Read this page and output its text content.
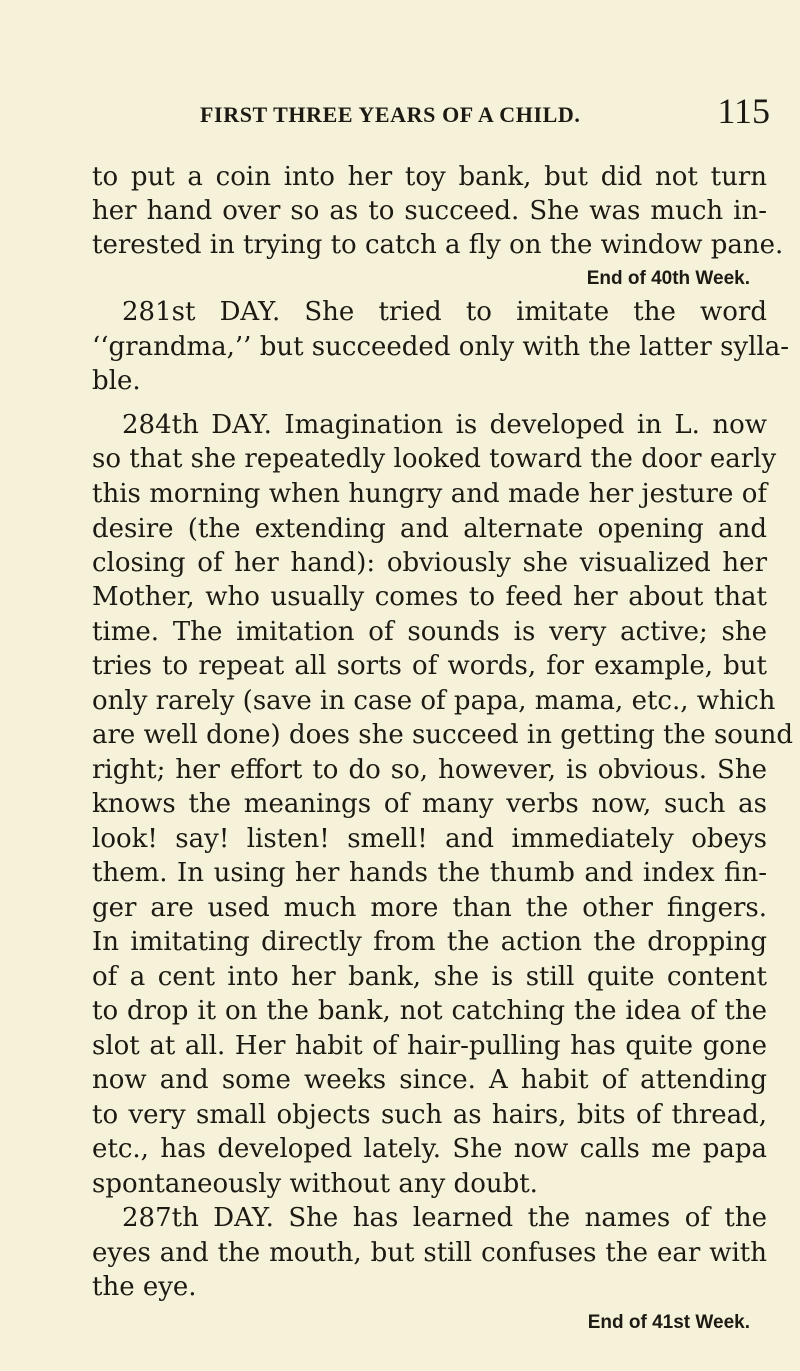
FIRST THREE YEARS OF A CHILD.	115
to put a coin into her toy bank, but did not turn
her hand over so as to succeed. She was much in-
terested in trying to catch a fly on the window pane.
End of 40th Week.
281st DAY. She tried to imitate the word
‘‘grandma,’’ but succeeded only with the latter sylla-
ble.
284th DAY. Imagination is developed in L. now
so that she repeatedly looked toward the door early
this morning when hungry and made her jesture of
desire (the extending and alternate opening and
closing of her hand): obviously she visualized her
Mother, who usually comes to feed her about that
time. The imitation of sounds is very active; she
tries to repeat all sorts of words, for example, but
only rarely (save in case of papa, mama, etc., which
are well done) does she succeed in getting the sound
right; her effort to do so, however, is obvious. She
knows the meanings of many verbs now, such as
look! say! listen! smell! and immediately obeys
them. In using her hands the thumb and index fin-
ger are used much more than the other fingers.
In imitating directly from the action the dropping
of a cent into her bank, she is still quite content
to drop it on the bank, not catching the idea of the
slot at all. Her habit of hair-pulling has quite gone
now and some weeks since. A habit of attending
to very small objects such as hairs, bits of thread,
etc., has developed lately. She now calls me papa
spontaneously without any doubt.
287th DAY. She has learned the names of the
eyes and the mouth, but still confuses the ear with
the eye.
End of 41st Week.
